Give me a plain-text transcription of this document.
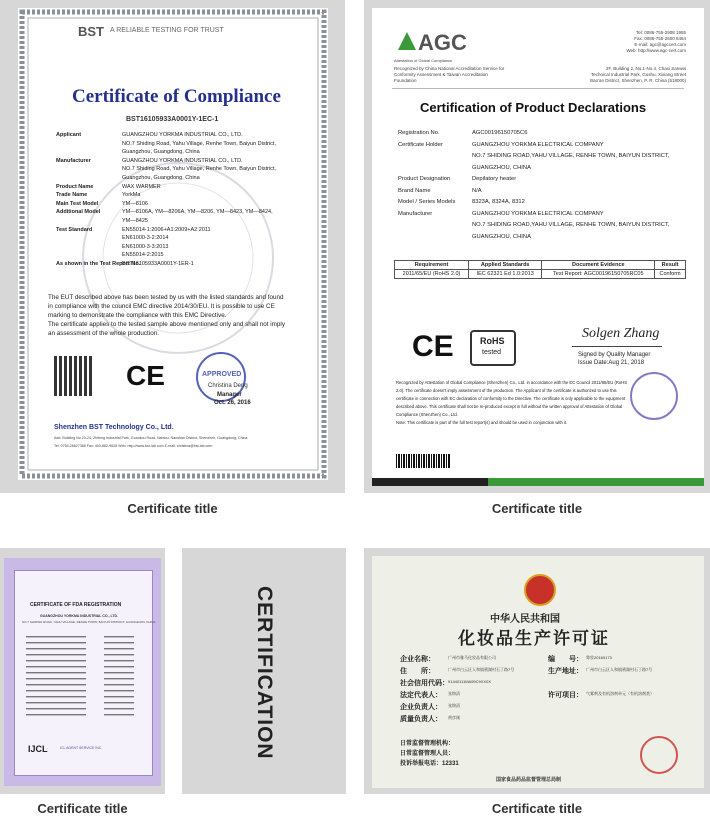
BST A RELIABLE TESTING FOR TRUST
Certificate of Compliance
BST16105933A0001Y-1EC-1
CE	APPROVED
Christina Deng
Manager
Oct. 26, 2016
Shenzhen BST Technology Co., Ltd.
Add: Building No.23-24, Zhifeng Industrial Park, Guankou Road, Nantou, Nanshan District, Shenzhen, Guangdong, China
Tel: 0755-26627366 Fax: 400-882-9628 Web: http://www.bst-lab.com E-mail: christina@bst-lab.com
Applicant	GUANGZHOU YORKMA INDUSTRIAL CO., LTD.
NO.7 Shiding Road, Yahu Village, Renhe Town, Baiyun District,
Guangzhou, Guangdong, China
Manufacturer	GUANGZHOU YORKMA INDUSTRIAL CO., LTD.
NO.7 Shiding Road, Yahu Village, Renhe Town, Baiyun District,
Guangzhou, Guangdong, China
Product Name	WAX WARMER
Trade Name	YorkMa
Main Test Model	YM—8106
Additional Model	YM—8106A, YM—8206A, YM—8206, YM—8423, YM—8424,
YM—8425
Test Standard	EN55014-1:2006+A1:2009+A2:2011
EN61000-3-2:2014
EN61000-3-3:2013
EN55014-2:2015
As shown in the Test Report No.
BST16105933A0001Y-1ER-1
The EUT described above has been tested by us with the listed standards and found
in compliance with the council EMC directive 2014/30/EU. It is possible to use CE
marking to demonstrate the compliance with this EMC Directive.
The certificate applies to the tested sample above mentioned only and shall not imply
an assessment of the whole production.
Certificate title
AGC
Attestation of Global Compliance
Recognized by China National Accreditation Service for
Conformity Assessment & Taiwan Accreditation
Foundation
Tel: 0086-755-2908 1955
Fax: 0086-755-2600 8484
E-mail: agc@agccert.com
Web: http://www.agc-cert.com
2F, Building 2, No.1-No.4, Chaxi Sanwei
Technical Industrial Park, Gushu, Xixiang Street
Bao'an District, Shenzhen, P. R. China (518000)
Certification of Product Declarations
Requirement	Applied Standards	Document Evidence	Result
2011/65/EU (RoHS 2.0)	IEC 62321 Ed 1.0:2013	Test Report: AGC00196150705RC05	Conform
CE	RoHS
tested
Solgen Zhang
Signed by Quality Manager
Issue Date:Aug 21, 2018
Registration No.	AGC00196150705C6
Certificate Holder	GUANGZHOU YORKMA ELECTRICAL COMPANY
NO.7 SHIDING ROAD,YAHU VILLAGE, RENHE TOWN, BAIYUN DISTRICT,
GUANGZHOU, CHINA
Product Designation	Depilatory heater
Brand Name	N/A
Model / Series Models	8323A, 8324A, 8312
Manufacturer	GUANGZHOU YORKMA ELECTRICAL COMPANY
NO.7 SHIDING ROAD,YAHU VILLAGE, RENHE TOWN, BAIYUN DISTRICT,
GUANGZHOU, CHINA
Recognized by Attestation of Global Compliance (Shenzhen) Co., Ltd. in accordance with the EC Council 2011/65/EU (RoHS
2.0). The certificate doesn't imply assessment of the production. The Applicant of the certificate is authorized to use this
certificate in connection with EC declaration of conformity to the Directive. The certificate is only applicable to the equipment
described above. This certificate shall not be re-produced except in full without the written approval of Attestation of Global
Compliance (Shenzhen) Co., Ltd.
Note: This certificate is part of the full test report(s) and should be used in conjunction with it.
Certificate title
CERTIFICATE OF FDA REGISTRATION
GUANGZHOU YORKMA INDUSTRIAL CO., LTD.
NO.7 SHIDING ROAD, YAHU VILLAGE, RENHE TOWN, BAIYUN DISTRICT, GUANGZHOU CHINA
IJCL	ICL AGENT SERVICE INC.
Certificate title
CERTIFICATION	中华人民共和国
化妆品生产许可证
国家食品药品监督管理总局制
企业名称：	广州市雅马化妆品有限公司
住　　所：	广州市白云区人和镇鸦湖村石丁路7号
社会信用代码： 91440111MA59C9XX0X
法定代表人： 张锦清
企业负责人： 张锦清
质量负责人： 黄彦刚
编　　号： 粤妆20160173
生产地址： 广州市白云区人和镇鸦湖村石丁路7号
许可项目： 气雾剂及有机溶剂单元（有机溶剂类）
日常监督管理机构：
日常监督管理人员：
投诉举报电话：12331
Certificate title
